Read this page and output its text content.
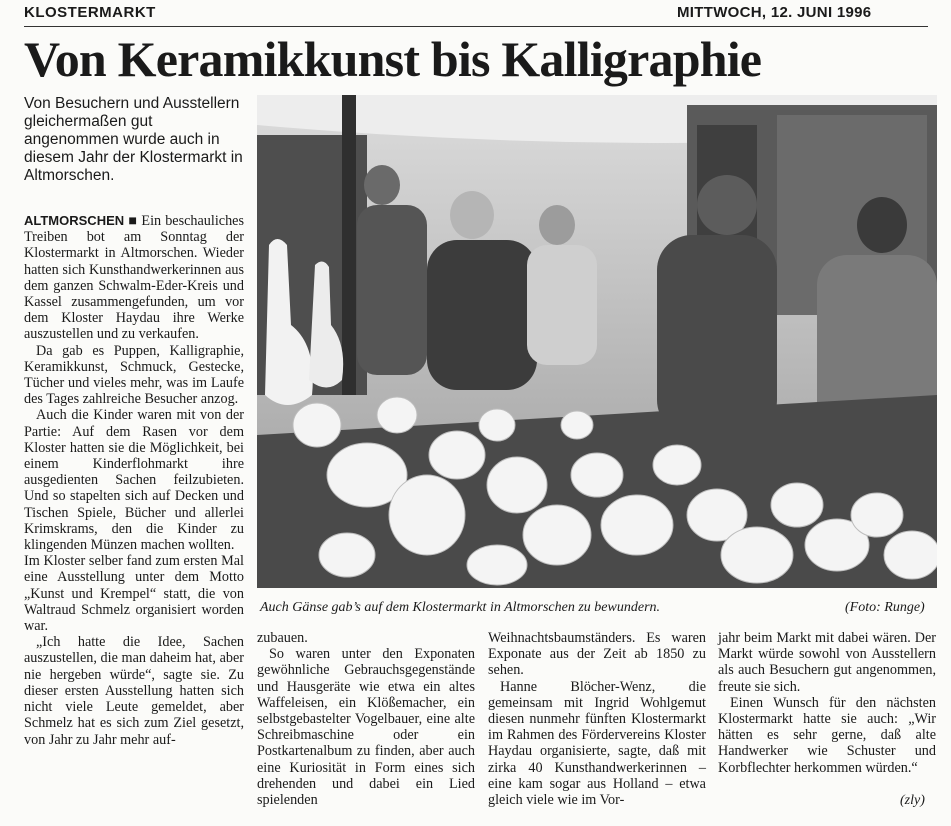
KLOSTERMARKT	MITTWOCH, 12. JUNI 1996
Von Keramikkunst bis Kalligraphie
Von Besuchern und Ausstellern gleichermaßen gut angenommen wurde auch in diesem Jahr der Klostermarkt in Altmorschen.

ALTMORSCHEN ■ Ein beschauliches Treiben bot am Sonntag der Klostermarkt in Altmorschen. Wieder hatten sich Kunsthandwerkerinnen aus dem ganzen Schwalm-Eder-Kreis und Kassel zusammengefunden, um vor dem Kloster Haydau ihre Werke auszustellen und zu verkaufen.

Da gab es Puppen, Kalligraphie, Keramikkunst, Schmuck, Gestecke, Tücher und vieles mehr, was im Laufe des Tages zahlreiche Besucher anzog.

Auch die Kinder waren mit von der Partie: Auf dem Rasen vor dem Kloster hatten sie die Möglichkeit, bei einem Kinderflohmarkt ihre ausgedienten Sachen feilzubieten. Und so stapelten sich auf Decken und Tischen Spiele, Bücher und allerlei Krimskrams, den die Kinder zu klingenden Münzen machen wollten.

Im Kloster selber fand zum ersten Mal eine Ausstellung unter dem Motto „Kunst und Krempel“ statt, die von Waltraud Schmelz organisiert worden war.

„Ich hatte die Idee, Sachen auszustellen, die man daheim hat, aber nie hergeben würde“, sagte sie. Zu dieser ersten Ausstellung hatten sich nicht viele Leute gemeldet, aber Schmelz hat es sich zum Ziel gesetzt, von Jahr zu Jahr mehr auf-

Auch Gänse gab’s auf dem Klostermarkt in Altmorschen zu bewundern.	(Foto: Runge)

zubauen.

So waren unter den Exponaten gewöhnliche Gebrauchsgegenstände und Hausgeräte wie etwa ein altes Waffeleisen, ein Klößemacher, ein selbstgebastelter Vogelbauer, eine alte Schreibmaschine oder ein Postkartenalbum zu finden, aber auch eine Kuriosität in Form eines sich drehenden und dabei ein Lied spielenden

Weihnachtsbaumständers. Es waren Exponate aus der Zeit ab 1850 zu sehen.

Hanne Blöcher-Wenz, die gemeinsam mit Ingrid Wohlgemut diesen nunmehr fünften Klostermarkt im Rahmen des Fördervereins Kloster Haydau organisierte, sagte, daß mit zirka 40 Kunsthandwerkerinnen – eine kam sogar aus Holland – etwa gleich viele wie im Vor-

jahr beim Markt mit dabei wären. Der Markt würde sowohl von Ausstellern als auch Besuchern gut angenommen, freute sie sich.

Einen Wunsch für den nächsten Klostermarkt hatte sie auch: „Wir hätten es sehr gerne, daß alte Handwerker wie Schuster und Korbflechter herkommen würden.“

(zly)
